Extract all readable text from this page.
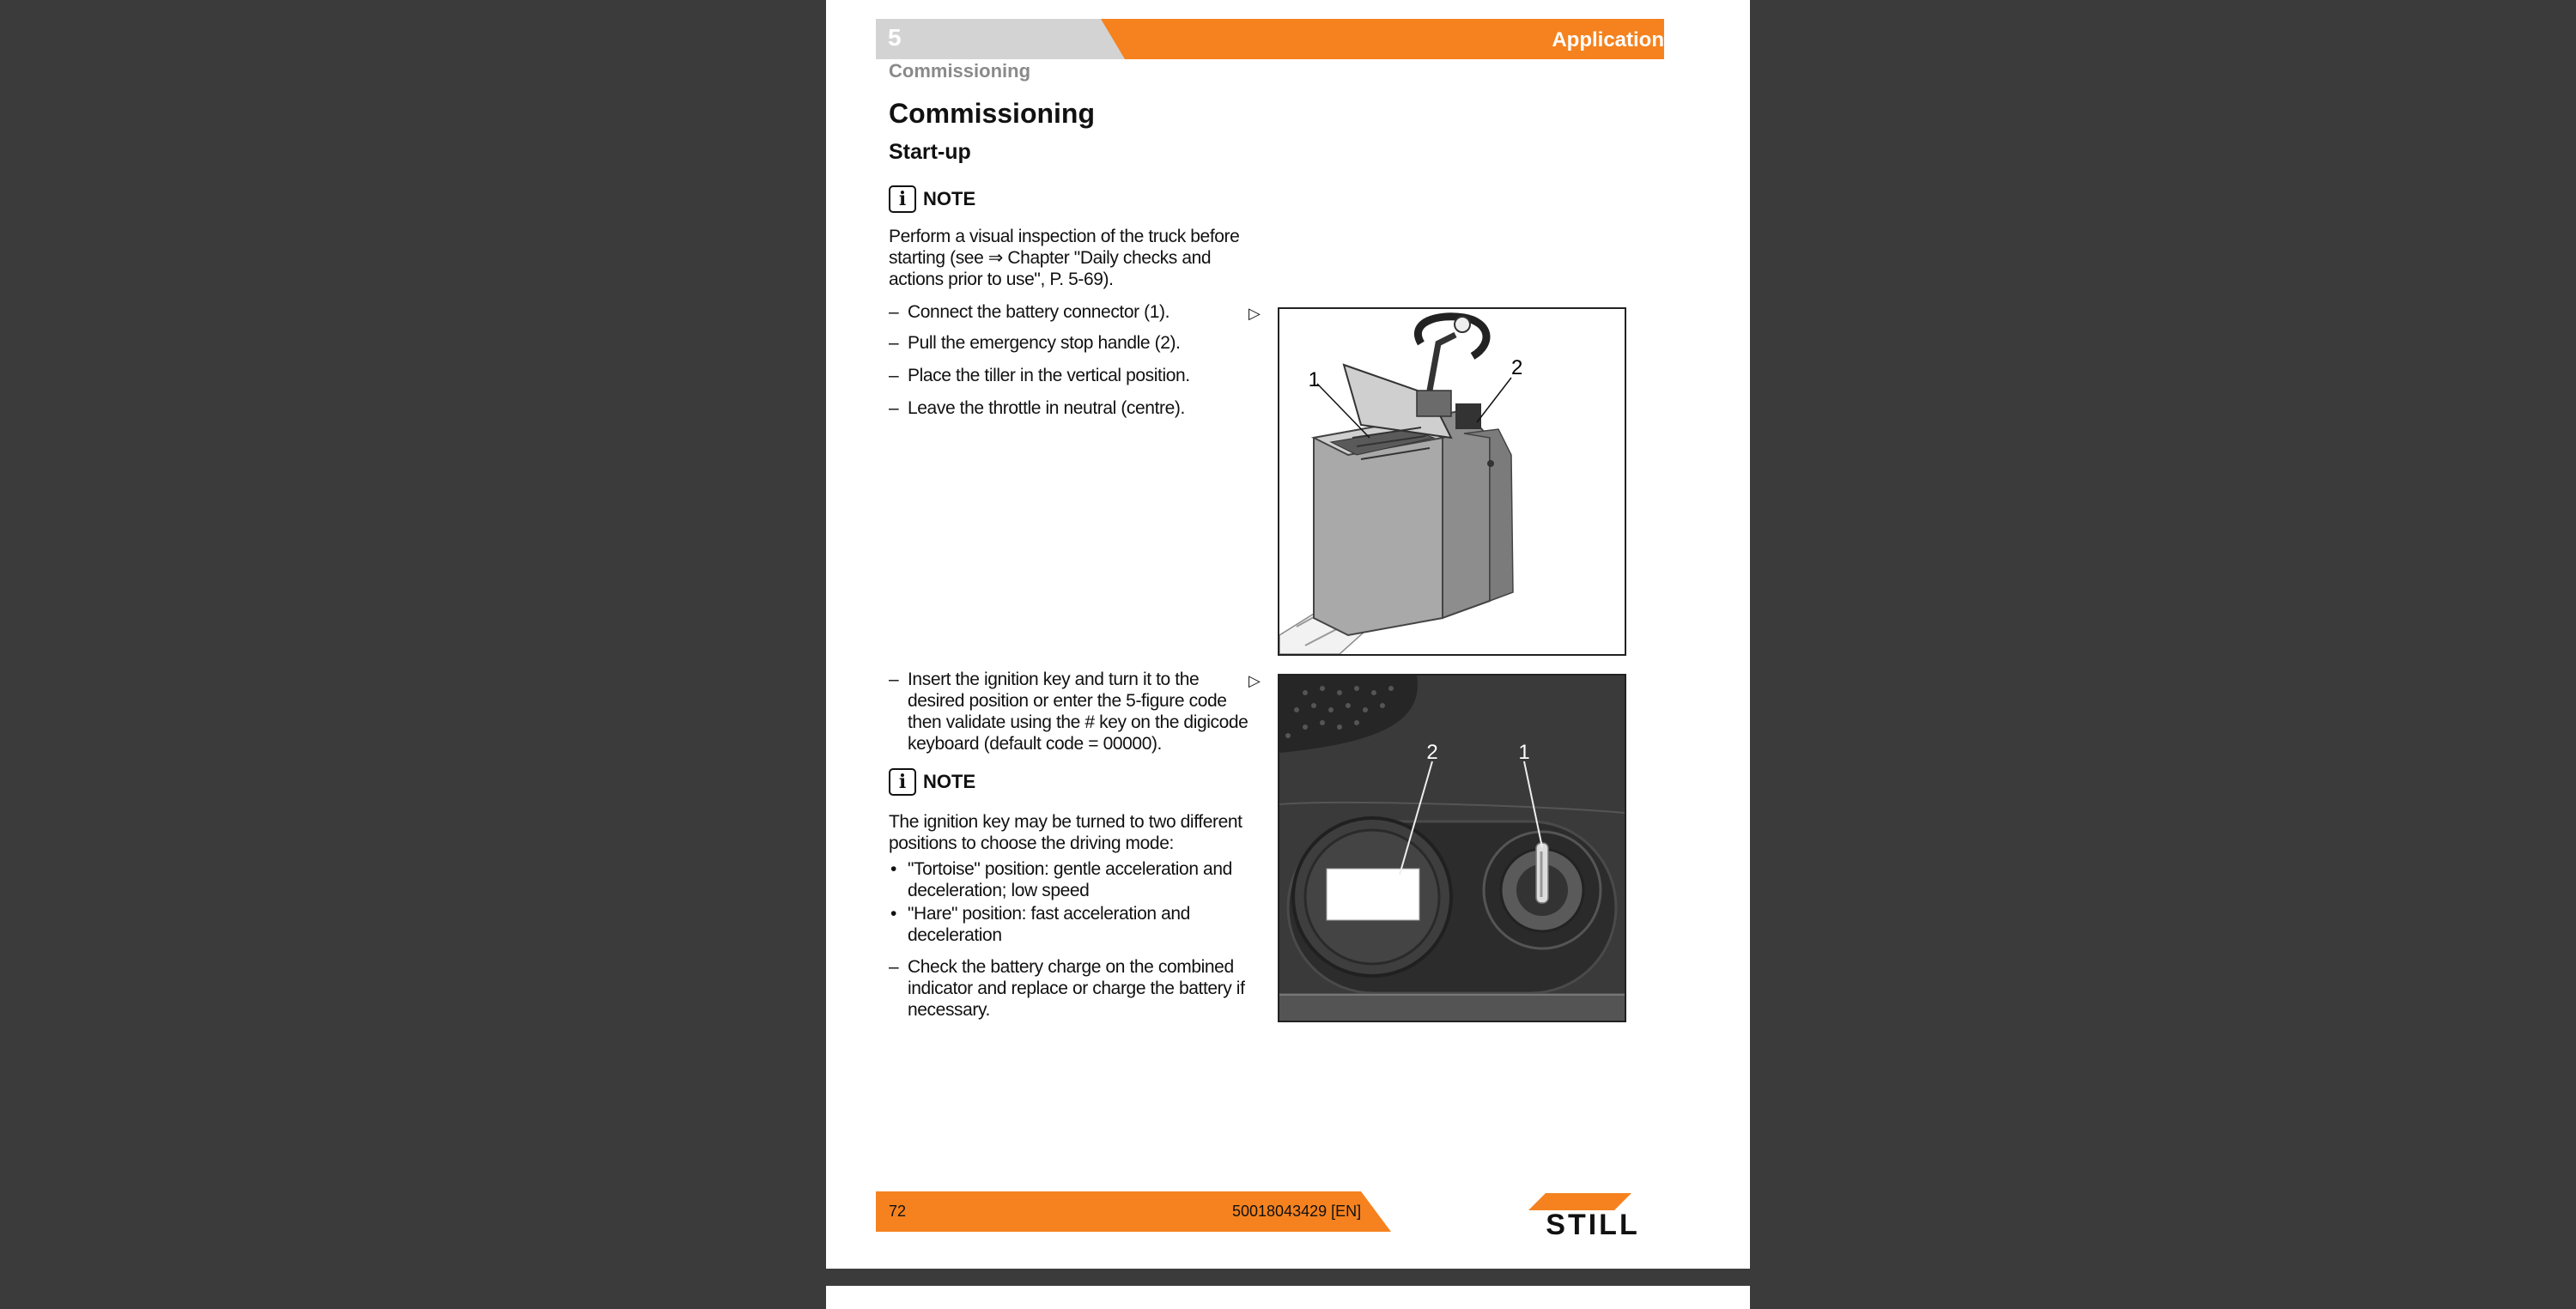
5	Application
Commissioning
Commissioning
Start-up
i NOTE
Perform a visual inspection of the truck before starting (see ⇒ Chapter "Daily checks and actions prior to use", P. 5-69).
– Connect the battery connector (1).
– Pull the emergency stop handle (2).
– Place the tiller in the vertical position.
– Leave the throttle in neutral (centre).
▷
1
2
– Insert the ignition key and turn it to the desired position or enter the 5-figure code then validate using the # key on the digicode keyboard (default code = 00000).
▷
2	1
i NOTE
The ignition key may be turned to two different positions to choose the driving mode:
• "Tortoise" position: gentle acceleration and deceleration; low speed
• "Hare" position: fast acceleration and deceleration
– Check the battery charge on the combined indicator and replace or charge the battery if necessary.
72	50018043429 [EN]	STILL
